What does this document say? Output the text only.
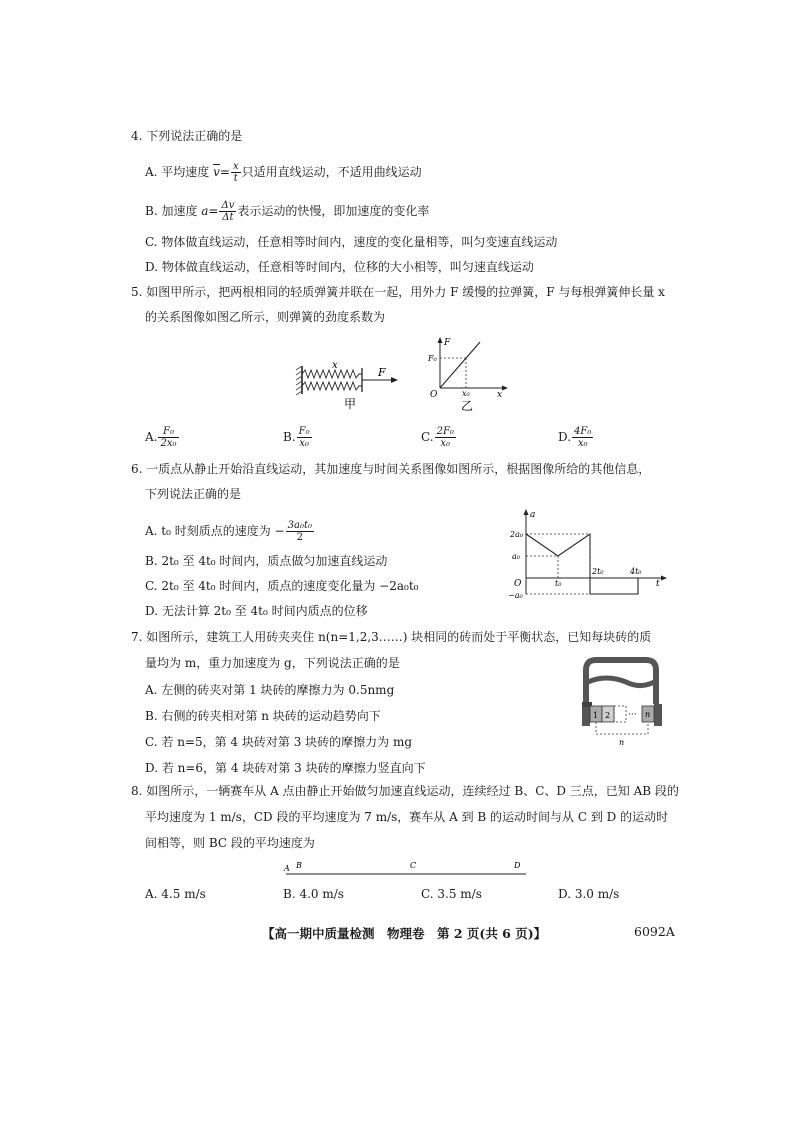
4. 下列说法正确的是
A. 平均速度 $\overline{v}= \frac{x}{t}$ 只适用直线运动，不适用曲线运动
B. 加速度 $a= \frac{\Delta v}{\Delta t}$ 表示运动的快慢，即加速度的变化率
C. 物体做直线运动，任意相等时间内，速度的变化量相等，叫匀变速直线运动
D. 物体做直线运动，任意相等时间内，位移的大小相等，叫匀速直线运动
5. 如图甲所示，把两根相同的轻质弹簧并联在一起，用外力 F 缓慢的拉弹簧，F 与每根弹簧伸长量 x
的关系图像如图乙所示，则弹簧的劲度系数为
x
F
甲
F
F₀
x₀
O	x
乙
A. $\frac{\text{F₀}}{\text{2x₀}}$	B. $\frac{\text{F₀}}{\text{x₀}}$	C. $\frac{\text{2F₀}}{\text{x₀}}$	D. $\frac{\text{4F₀}}{\text{x₀}}$
6. 一质点从静止开始沿直线运动，其加速度与时间关系图像如图所示，根据图像所给的其他信息，
下列说法正确的是
A. t₀ 时刻质点的速度为 − $\frac{\text{3a₀t₀}}{2}$
B. 2t₀ 至 4t₀ 时间内，质点做匀加速直线运动
C. 2t₀ 至 4t₀ 时间内，质点的速度变化量为 −2a₀t₀
D. 无法计算 2t₀ 至 4t₀ 时间内质点的位移
a
2a₀
a₀
O
−a₀
t₀
2t₀	4t₀
t
7. 如图所示，建筑工人用砖夹夹住 n(n=1,2,3……) 块相同的砖而处于平衡状态，已知每块砖的质
量均为 m，重力加速度为 g，下列说法正确的是
A. 左侧的砖夹对第 1 块砖的摩擦力为 0.5nmg
B. 右侧的砖夹相对第 n 块砖的运动趋势向下
C. 若 n=5，第 4 块砖对第 3 块砖的摩擦力为 mg
D. 若 n=6，第 4 块砖对第 3 块砖的摩擦力竖直向下
1 2 ··· n
n
8. 如图所示，一辆赛车从 A 点由静止开始做匀加速直线运动，连续经过 B、C、D 三点，已知 AB 段的
平均速度为 1 m/s，CD 段的平均速度为 7 m/s，赛车从 A 到 B 的运动时间与从 C 到 D 的运动时
间相等，则 BC 段的平均速度为
A B	C	D
A. 4.5 m/s	B. 4.0 m/s	C. 3.5 m/s	D. 3.0 m/s
【高一期中质量检测　物理卷　第 2 页(共 6 页)】	6092A
